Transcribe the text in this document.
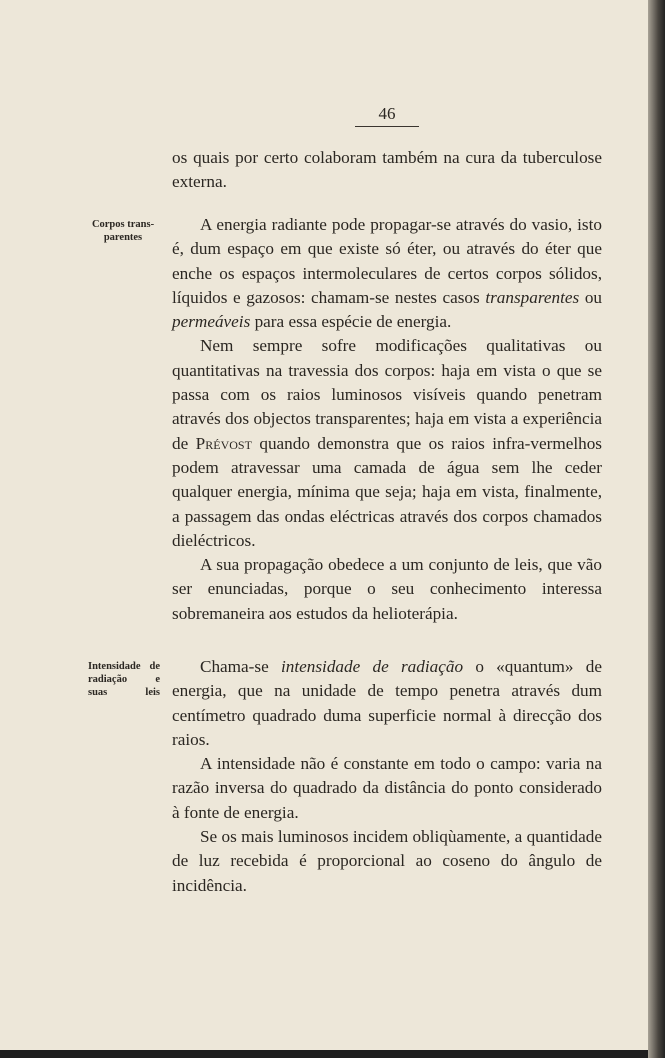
46
Corpos trans-
parentes
Intensidade de
radiação e
suas leis

os quais por certo colaboram também na cura da tuberculose externa.

A energia radiante pode propagar-se através do vasio, isto é, dum espaço em que existe só éter, ou através do éter que enche os espaços intermoleculares de certos corpos sólidos, líquidos e gazosos: chamam-se nestes casos transparentes ou permeáveis para essa espécie de energia.

Nem sempre sofre modificações qualitativas ou quantitativas na travessia dos corpos: haja em vista o que se passa com os raios luminosos visíveis quando penetram através dos objectos transparentes; haja em vista a experiência de Prévost quando demonstra que os raios infra-vermelhos podem atravessar uma camada de água sem lhe ceder qualquer energia, mínima que seja; haja em vista, finalmente, a passagem das ondas eléctricas através dos corpos chamados dieléctricos.

A sua propagação obedece a um conjunto de leis, que vão ser enunciadas, porque o seu conhecimento interessa sobremaneira aos estudos da helioterápia.

Chama-se intensidade de radiação o «quantum» de energia, que na unidade de tempo penetra através dum centímetro quadrado duma superficie normal à direcção dos raios.

A intensidade não é constante em todo o campo: varia na razão inversa do quadrado da distância do ponto considerado à fonte de energia.

Se os mais luminosos incidem obliqùamente, a quantidade de luz recebida é proporcional ao coseno do ângulo de incidência.
